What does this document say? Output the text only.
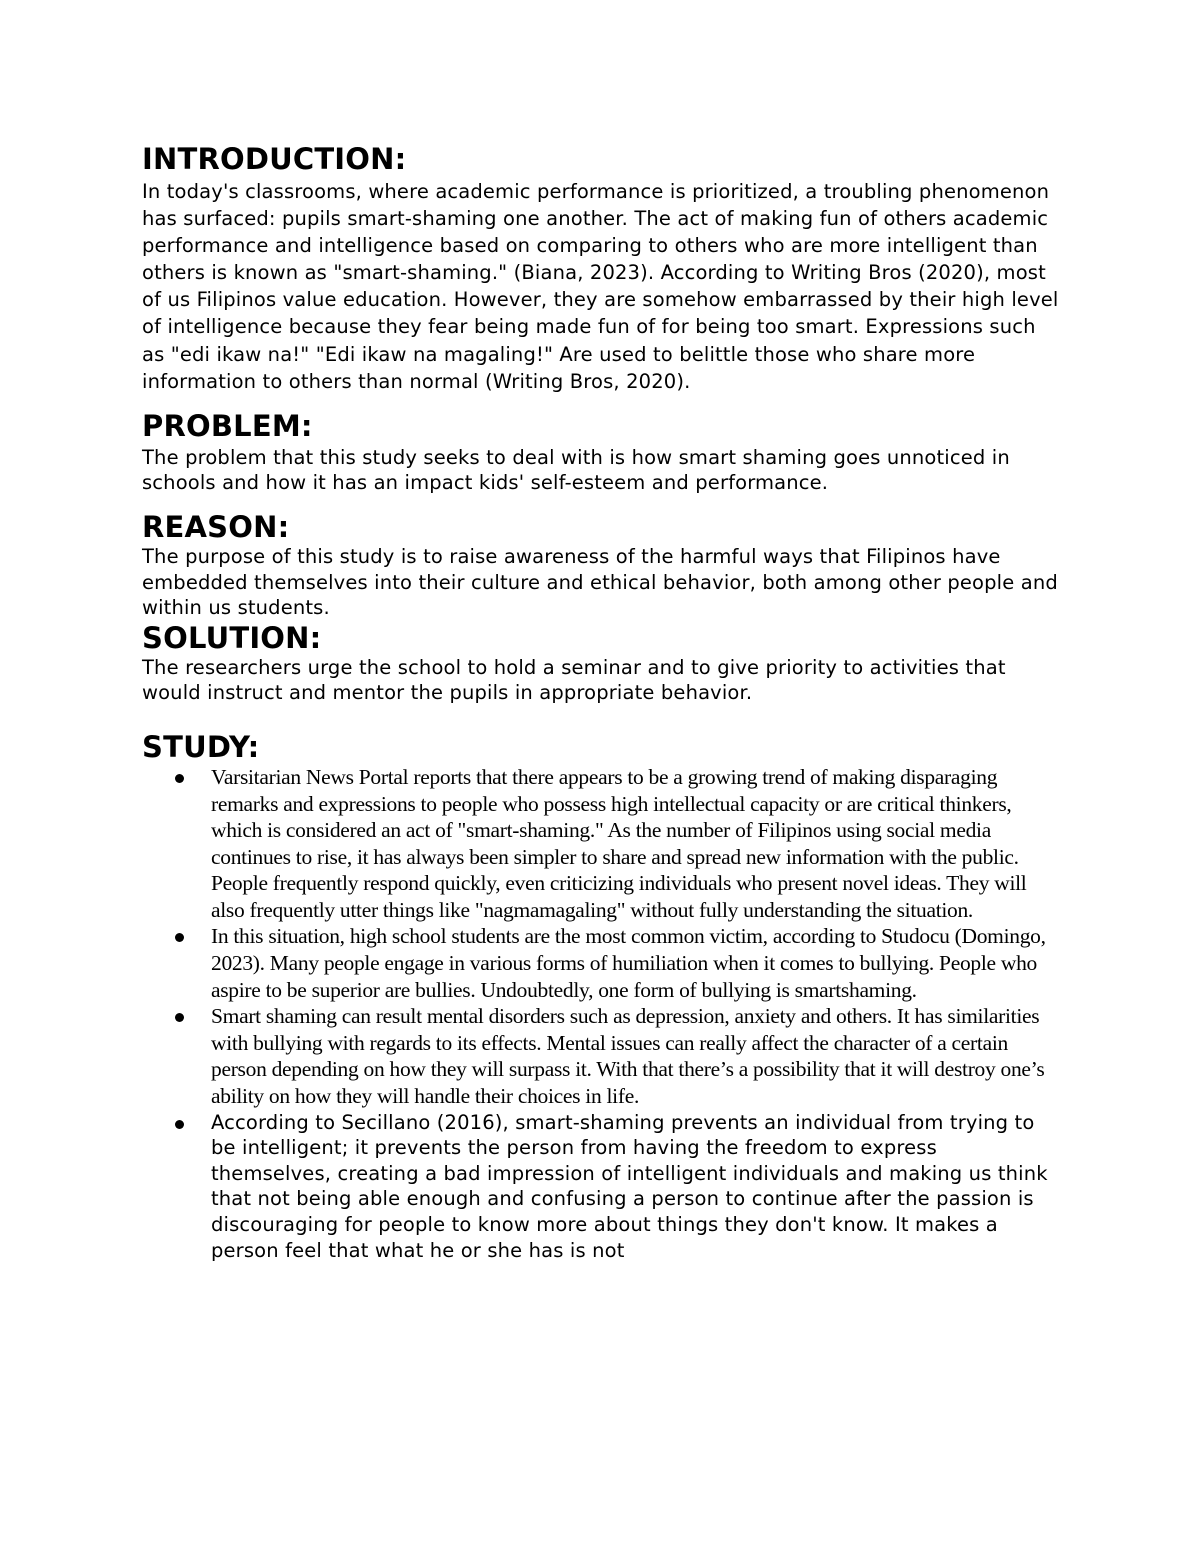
INTRODUCTION:

In today's classrooms, where academic performance is prioritized, a troubling phenomenon has surfaced: pupils smart-shaming one another. The act of making fun of others academic performance and intelligence based on comparing to others who are more intelligent than others is known as "smart-shaming." (Biana, 2023). According to Writing Bros (2020), most of us Filipinos value education. However, they are somehow embarrassed by their high level of intelligence because they fear being made fun of for being too smart. Expressions such as "edi ikaw na!" "Edi ikaw na magaling!" Are used to belittle those who share more information to others than normal (Writing Bros, 2020).

PROBLEM:

The problem that this study seeks to deal with is how smart shaming goes unnoticed in schools and how it has an impact kids' self-esteem and performance.

REASON:

The purpose of this study is to raise awareness of the harmful ways that Filipinos have embedded themselves into their culture and ethical behavior, both among other people and within us students.

SOLUTION:

The researchers urge the school to hold a seminar and to give priority to activities that would instruct and mentor the pupils in appropriate behavior.

STUDY:
Varsitarian News Portal reports that there appears to be a growing trend of making disparaging remarks and expressions to people who possess high intellectual capacity or are critical thinkers, which is considered an act of "smart-shaming." As the number of Filipinos using social media continues to rise, it has always been simpler to share and spread new information with the public. People frequently respond quickly, even criticizing individuals who present novel ideas. They will also frequently utter things like "nagmamagaling" without fully understanding the situation.
In this situation, high school students are the most common victim, according to Studocu (Domingo, 2023). Many people engage in various forms of humiliation when it comes to bullying. People who aspire to be superior are bullies. Undoubtedly, one form of bullying is smartshaming.
Smart shaming can result mental disorders such as depression, anxiety and others. It has similarities with bullying with regards to its effects. Mental issues can really affect the character of a certain person depending on how they will surpass it. With that there’s a possibility that it will destroy one’s ability on how they will handle their choices in life.
According to Secillano (2016), smart-shaming prevents an individual from trying to be intelligent; it prevents the person from having the freedom to express themselves, creating a bad impression of intelligent individuals and making us think that not being able enough and confusing a person to continue after the passion is discouraging for people to know more about things they don't know. It makes a person feel that what he or she has is not
